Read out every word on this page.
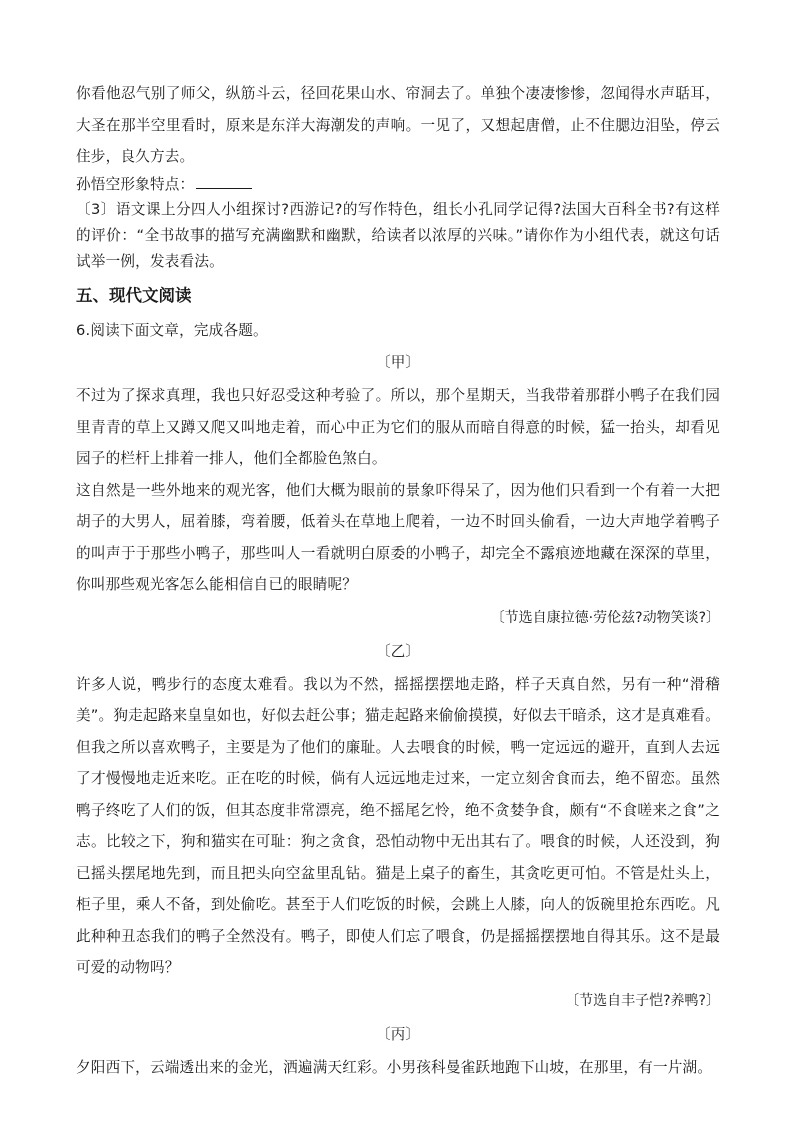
你看他忍气别了师父，纵筋斗云，径回花果山水、帘洞去了。单独个凄凄惨惨，忽闻得水声聒耳，大圣在那半空里看时，原来是东洋大海潮发的声响。一见了，又想起唐僧，止不住腮边泪坠，停云住步，良久方去。

孙悟空形象特点：

〔3〕语文课上分四人小组探讨?西游记?的写作特色，组长小孔同学记得?法国大百科全书?有这样的评价：“全书故事的描写充满幽默和幽默，给读者以浓厚的兴味。”请你作为小组代表，就这句话试举一例，发表看法。

五、现代文阅读

6.阅读下面文章，完成各题。

〔甲〕

不过为了探求真理，我也只好忍受这种考验了。所以，那个星期天，当我带着那群小鸭子在我们园里青青的草上又蹲又爬又叫地走着，而心中正为它们的服从而暗自得意的时候，猛一抬头，却看见园子的栏杆上排着一排人，他们全都脸色煞白。

这自然是一些外地来的观光客，他们大概为眼前的景象吓得呆了，因为他们只看到一个有着一大把胡子的大男人，屈着膝，弯着腰，低着头在草地上爬着，一边不时回头偷看，一边大声地学着鸭子的叫声于于那些小鸭子，那些叫人一看就明白原委的小鸭子，却完全不露痕迹地藏在深深的草里，你叫那些观光客怎么能相信自已的眼睛呢？

〔节选自康拉德·劳伦兹?动物笑谈?〕

〔乙〕

许多人说，鸭步行的态度太难看。我以为不然，摇摇摆摆地走路，样子天真自然，另有一种“滑稽美”。狗走起路来皇皇如也，好似去赶公事；猫走起路来偷偷摸摸，好似去干暗杀，这才是真难看。但我之所以喜欢鸭子，主要是为了他们的廉耻。人去喂食的时候，鸭一定远远的避开，直到人去远了才慢慢地走近来吃。正在吃的时候，倘有人远远地走过来，一定立刻舍食而去，绝不留恋。虽然鸭子终吃了人们的饭，但其态度非常漂亮，绝不摇尾乞怜，绝不贪婪争食，颇有“不食嗟来之食”之志。比较之下，狗和猫实在可耻：狗之贪食，恐怕动物中无出其右了。喂食的时候，人还没到，狗已摇头摆尾地先到，而且把头向空盆里乱钻。猫是上桌子的畜生，其贪吃更可怕。不管是灶头上，柜子里，乘人不备，到处偷吃。甚至于人们吃饭的时候，会跳上人膝，向人的饭碗里抢东西吃。凡此种种丑态我们的鸭子全然没有。鸭子，即使人们忘了喂食，仍是摇摇摆摆地自得其乐。这不是最可爱的动物吗？

〔节选自丰子恺?养鸭?〕

〔丙〕

夕阳西下，云端透出来的金光，洒遍满天红彩。小男孩科曼雀跃地跑下山坡，在那里，有一片湖。
